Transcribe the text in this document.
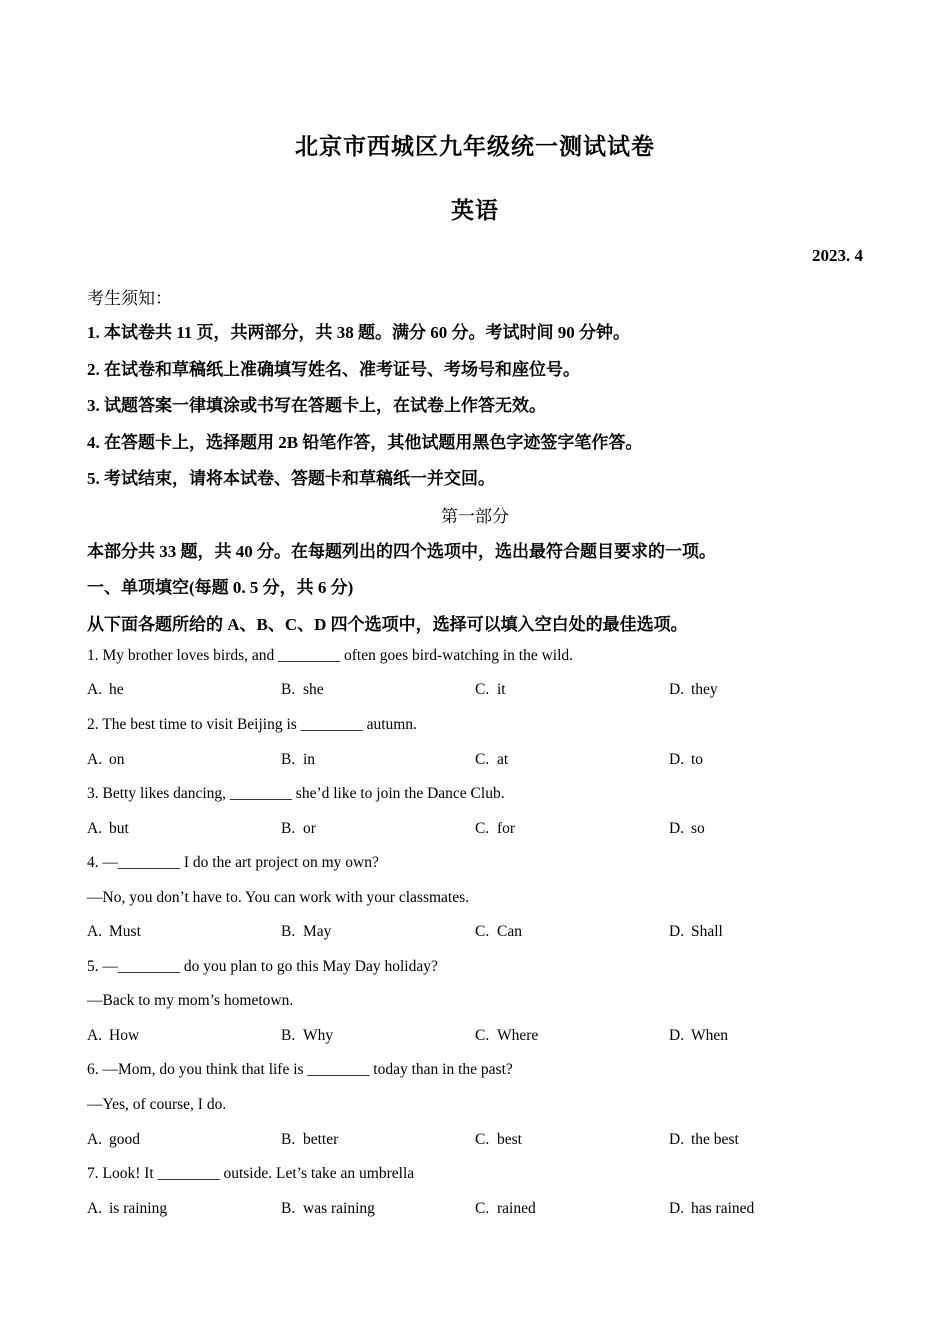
北京市西城区九年级统一测试试卷
英语
2023. 4
考生须知：
1. 本试卷共 11 页，共两部分，共 38 题。满分 60 分。考试时间 90 分钟。
2. 在试卷和草稿纸上准确填写姓名、准考证号、考场号和座位号。
3. 试题答案一律填涂或书写在答题卡上，在试卷上作答无效。
4. 在答题卡上，选择题用 2B 铅笔作答，其他试题用黑色字迹签字笔作答。
5. 考试结束，请将本试卷、答题卡和草稿纸一并交回。
第一部分
本部分共 33 题，共 40 分。在每题列出的四个选项中，选出最符合题目要求的一项。
一、单项填空(每题 0. 5 分，共 6 分)
从下面各题所给的 A、B、C、D 四个选项中，选择可以填入空白处的最佳选项。
1. My brother loves birds, and ________ often goes bird-watching in the wild.
A. he	B. she	C. it	D. they
2. The best time to visit Beijing is ________ autumn.
A. on	B. in	C. at	D. to
3. Betty likes dancing, ________ she’d like to join the Dance Club.
A. but	B. or	C. for	D. so
4. —________ I do the art project on my own?
—No, you don’t have to. You can work with your classmates.
A. Must	B. May	C. Can	D. Shall
5. —________ do you plan to go this May Day holiday?
—Back to my mom’s hometown.
A. How	B. Why	C. Where	D. When
6. —Mom, do you think that life is ________ today than in the past?
—Yes, of course, I do.
A. good	B. better	C. best	D. the best
7. Look! It ________ outside. Let’s take an umbrella
A. is raining	B. was raining	C. rained	D. has rained
